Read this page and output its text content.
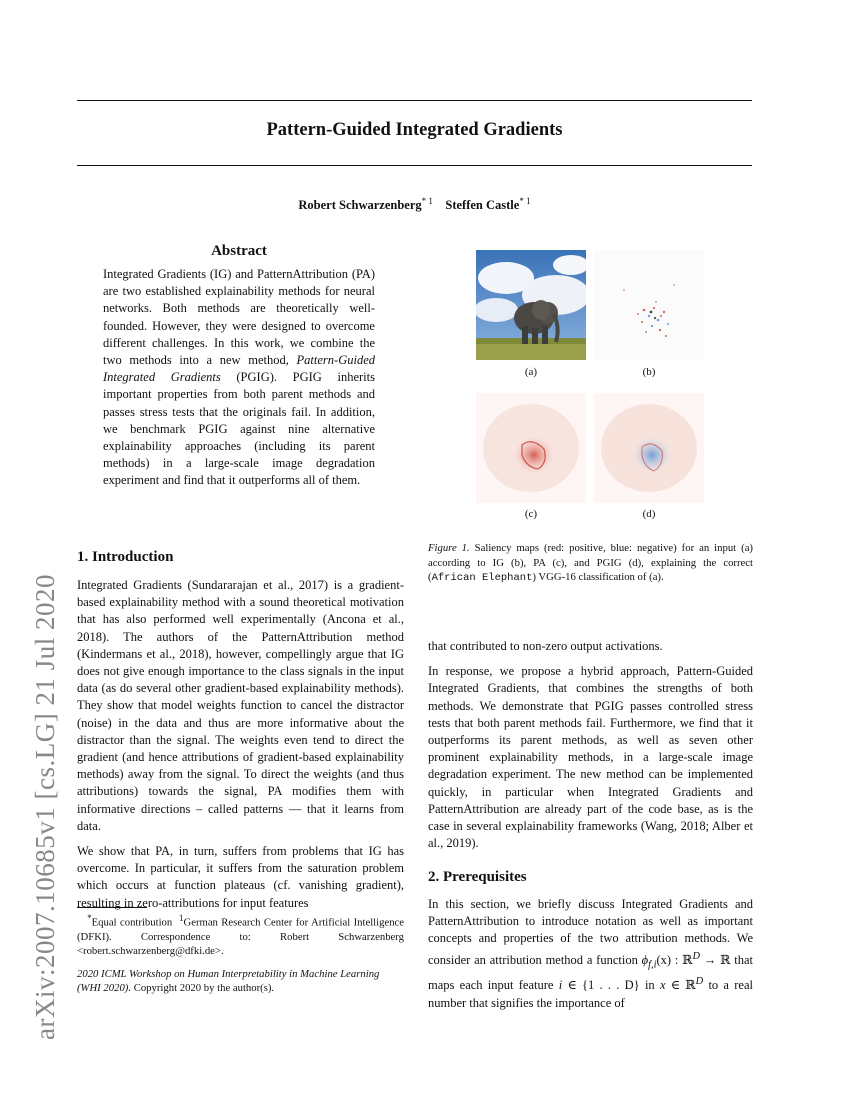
arXiv:2007.10685v1 [cs.LG] 21 Jul 2020
Pattern-Guided Integrated Gradients
Robert Schwarzenberg$^{* 1}$ Steffen Castle$^{* 1}$
Abstract
Integrated Gradients (IG) and PatternAttribution (PA) are two established explainability methods for neural networks. Both methods are theoretically well-founded. However, they were designed to overcome different challenges. In this work, we combine the two methods into a new method, Pattern-Guided Integrated Gradients (PGIG). PGIG inherits important properties from both parent methods and passes stress tests that the originals fail. In addition, we benchmark PGIG against nine alternative explainability approaches (including its parent methods) in a large-scale image degradation experiment and find that it outperforms all of them.
1. Introduction

Integrated Gradients (Sundararajan et al., 2017) is a gradient-based explainability method with a sound theoretical motivation that has also performed well experimentally (Ancona et al., 2018). The authors of the PatternAttribution method (Kindermans et al., 2018), however, compellingly argue that IG does not give enough importance to the class signals in the input data (as do several other gradient-based explainability methods). They show that model weights function to cancel the distractor (noise) in the data and thus are more informative about the distractor than the signal. The weights even tend to direct the gradient (and hence attributions of gradient-based explainability methods) away from the signal. To direct the weights (and thus attributions) towards the signal, PA modifies them with informative directions – called patterns — that it learns from data.

We show that PA, in turn, suffers from problems that IG has overcome. In particular, it suffers from the saturation problem which occurs at function plateaus (cf. vanishing gradient), resulting in zero-attributions for input features

*Equal contribution $^1$German Research Center for Artificial Intelligence (DFKI). Correspondence to: Robert Schwarzenberg <robert.schwarzenberg@dfki.de>.
2020 ICML Workshop on Human Interpretability in Machine Learning (WHI 2020). Copyright 2020 by the author(s).
(a)	(b)
(c)	(d)
Figure 1. Saliency maps (red: positive, blue: negative) for an input (a) according to IG (b), PA (c), and PGIG (d), explaining the correct (African Elephant) VGG-16 classification of (a).

that contributed to non-zero output activations.

In response, we propose a hybrid approach, Pattern-Guided Integrated Gradients, that combines the strengths of both methods. We demonstrate that PGIG passes controlled stress tests that both parent methods fail. Furthermore, we find that it outperforms its parent methods, as well as seven other prominent explainability methods, in a large-scale image degradation experiment. The new method can be implemented quickly, in particular when Integrated Gradients and PatternAttribution are already part of the code base, as is the case in several explainability frameworks (Wang, 2018; Alber et al., 2019).

2. Prerequisites

In this section, we briefly discuss Integrated Gradients and PatternAttribution to introduce notation as well as important concepts and properties of the two attribution methods. We consider an attribution method a function $\phi_{f,i}(x)$ : ℝ$^D$ → ℝ that maps each input feature i ∈ {1 . . . D} in x ∈ ℝ$^D$ to a real number that signifies the importance of
